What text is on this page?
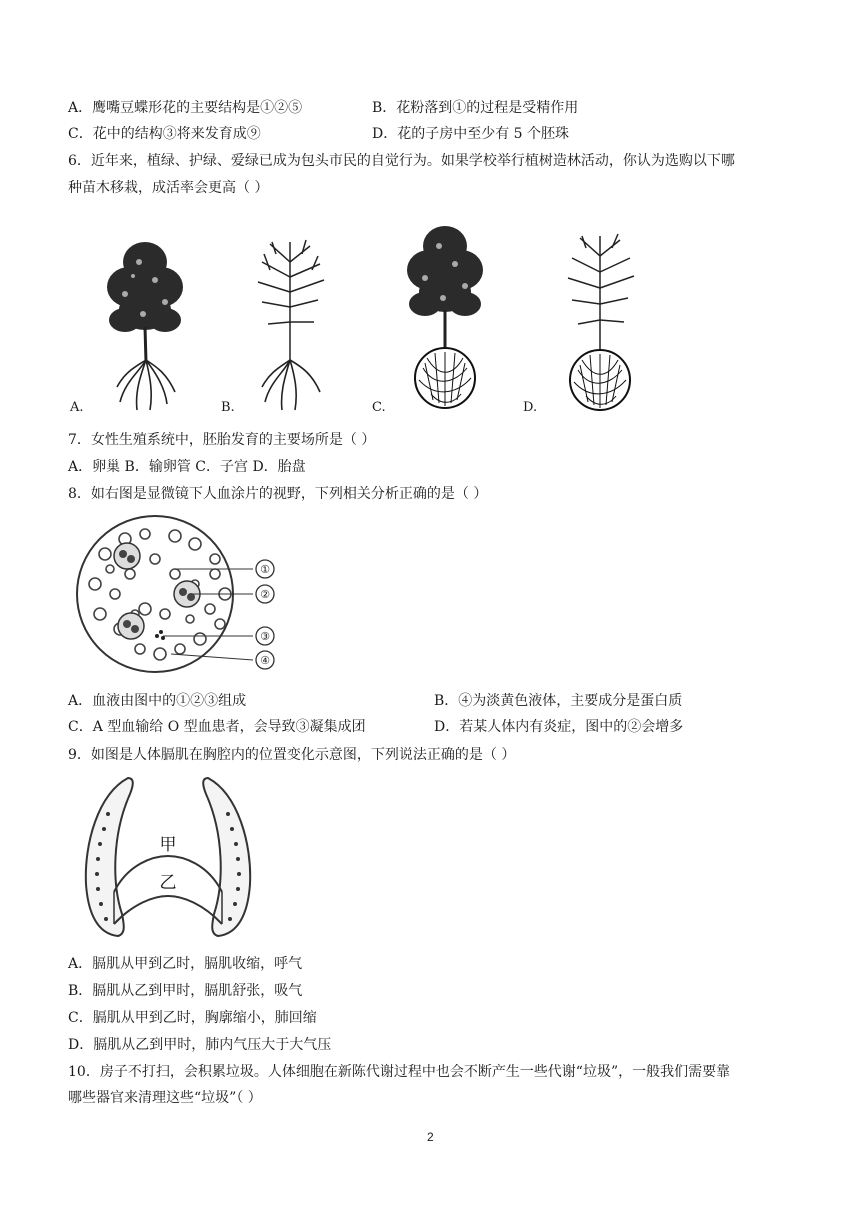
A．鹰嘴豆蝶形花的主要结构是①②⑤	B．花粉落到①的过程是受精作用
C．花中的结构③将来发育成⑨	D．花的子房中至少有 5 个胚珠
6．近年来，植绿、护绿、爱绿已成为包头市民的自觉行为。如果学校举行植树造林活动，你认为选购以下哪
种苗木移栽，成活率会更高（ ）
A.	B.	C.	D.
7．女性生殖系统中，胚胎发育的主要场所是（ ）
A．卵巢 B．输卵管 C．子宫 D．胎盘
8．如右图是显微镜下人血涂片的视野，下列相关分析正确的是（ ）
①
②
③
④
A．血液由图中的①②③组成	B．④为淡黄色液体，主要成分是蛋白质
C．A 型血输给 O 型血患者，会导致③凝集成团	D．若某人体内有炎症，图中的②会增多
9．如图是人体膈肌在胸腔内的位置变化示意图，下列说法正确的是（ ）
甲
乙
A．膈肌从甲到乙时，膈肌收缩，呼气
B．膈肌从乙到甲时，膈肌舒张，吸气
C．膈肌从甲到乙时，胸廓缩小，肺回缩
D．膈肌从乙到甲时，肺内气压大于大气压
10．房子不打扫，会积累垃圾。人体细胞在新陈代谢过程中也会不断产生一些代谢“垃圾”，一般我们需要靠
哪些器官来清理这些“垃圾”（ ）
2
